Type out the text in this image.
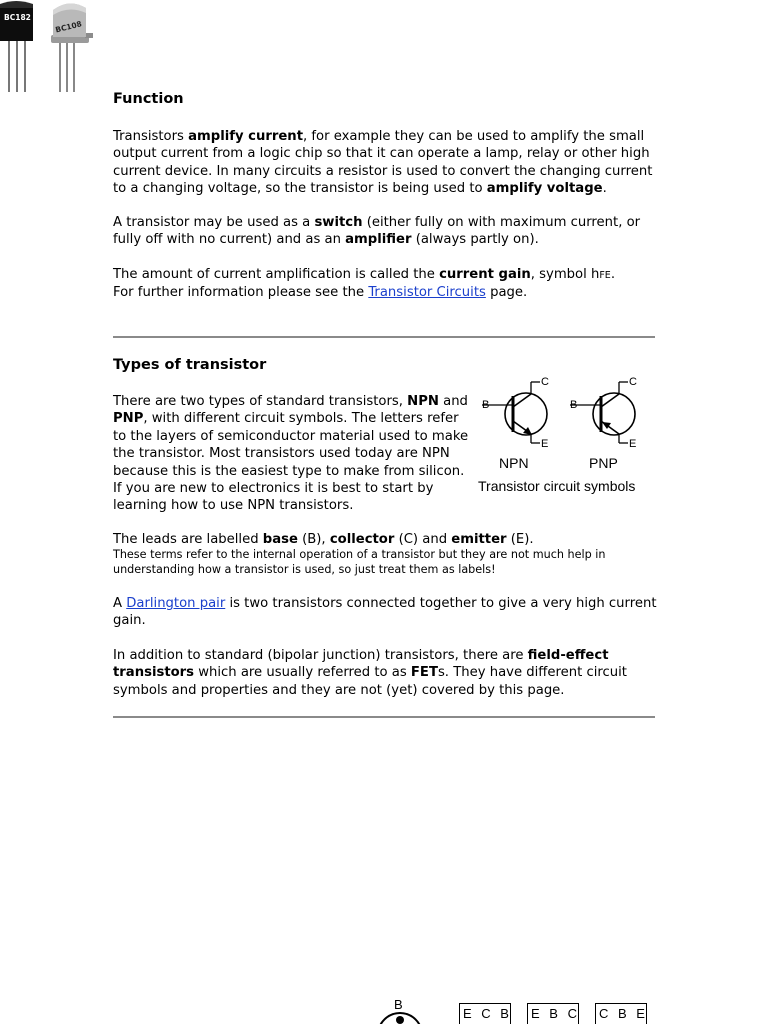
BC182
BC108
Function

Transistors amplify current, for example they can be used to amplify the small output current from a logic chip so that it can operate a lamp, relay or other high current device. In many circuits a resistor is used to convert the changing current to a changing voltage, so the transistor is being used to amplify voltage.

A transistor may be used as a switch (either fully on with maximum current, or fully off with no current) and as an amplifier (always partly on).

The amount of current amplification is called the current gain, symbol hFE.
For further information please see the Transistor Circuits page.

Types of transistor

There are two types of standard transistors, NPN and PNP, with different circuit symbols. The letters refer to the layers of semiconductor material used to make the transistor. Most transistors used today are NPN because this is the easiest type to make from silicon. If you are new to electronics it is best to start by learning how to use NPN transistors.

B
C
E
B
C
E
NPN	PNP
Transistor circuit symbols

The leads are labelled base (B), collector (C) and emitter (E).

These terms refer to the internal operation of a transistor but they are not much help in understanding how a transistor is used, so just treat them as labels!

A Darlington pair is two transistors connected together to give a very high current gain.

In addition to standard (bipolar junction) transistors, there are field-effect transistors which are usually referred to as FETs. They have different circuit symbols and properties and they are not (yet) covered by this page.

B
E C B E B C C B E
